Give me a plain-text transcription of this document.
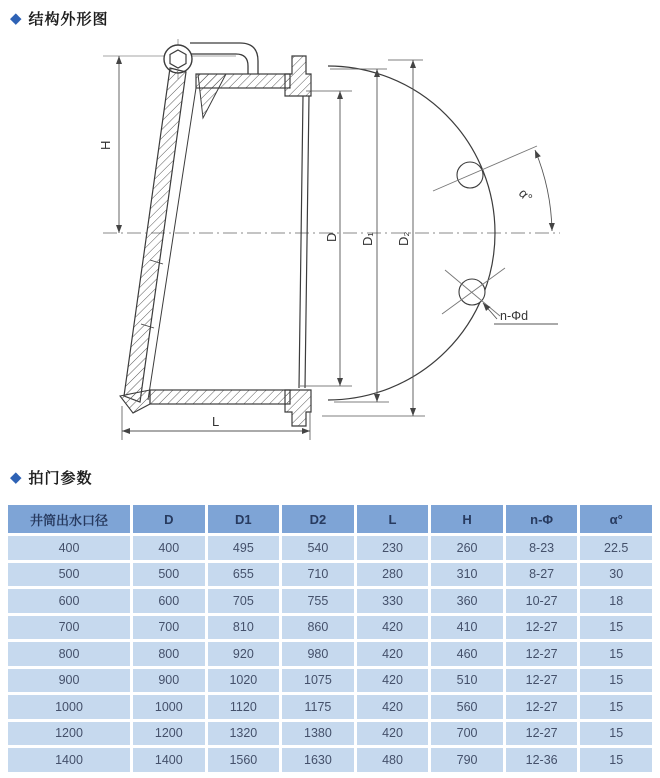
◆ 结构外形图
α°
n-Φd
H
D D₁ D₂
L
◆ 拍门参数
井筒出水口径	D	D1	D2	L	H	n-Φ	α°
400	400	495	540	230	260	8-23	22.5
500	500	655	710	280	310	8-27	30
600	600	705	755	330	360	10-27	18
700	700	810	860	420	410	12-27	15
800	800	920	980	420	460	12-27	15
900	900	1020	1075	420	510	12-27	15
1000	1000	1120	1175	420	560	12-27	15
1200	1200	1320	1380	420	700	12-27	15
1400	1400	1560	1630	480	790	12-36	15
